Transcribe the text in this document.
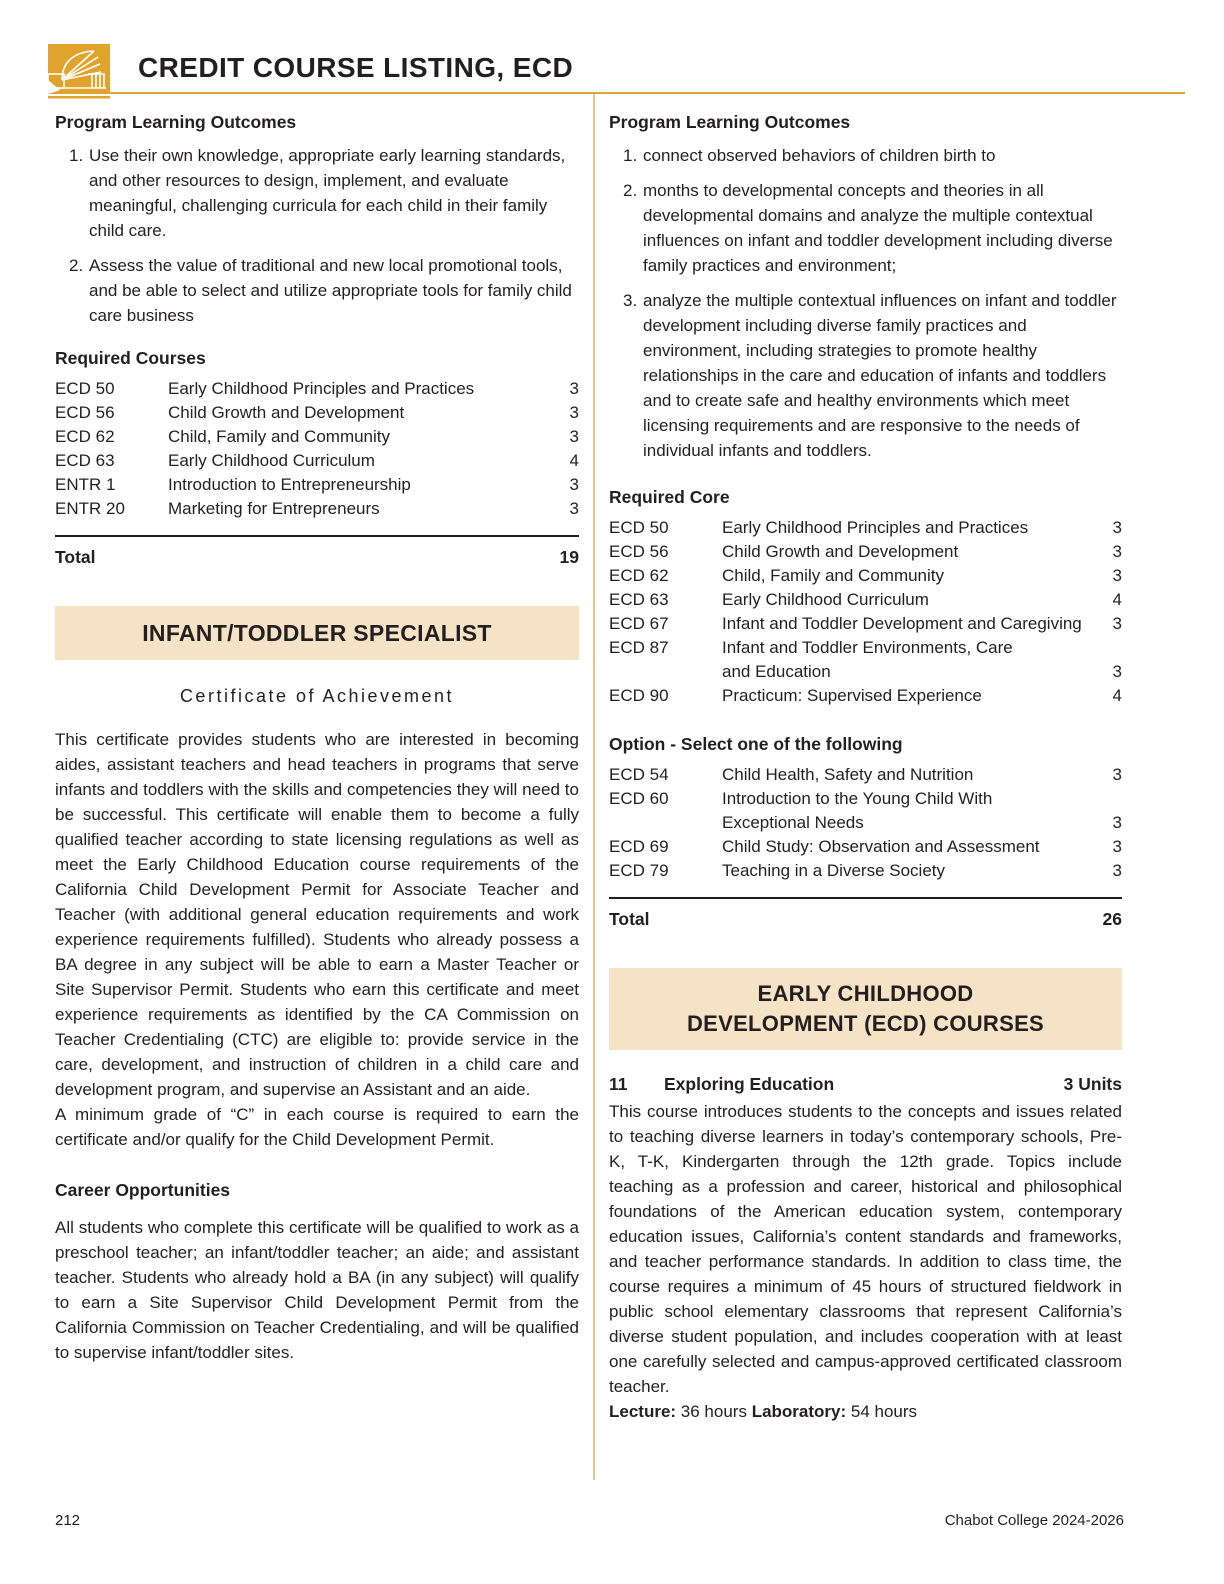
CREDIT COURSE LISTING, ECD
Program Learning Outcomes
1. Use their own knowledge, appropriate early learning standards, and other resources to design, implement, and evaluate meaningful, challenging curricula for each child in their family child care.
2. Assess the value of traditional and new local promotional tools, and be able to select and utilize appropriate tools for family child care business
Required Courses
ECD 50	Early Childhood Principles and Practices	3
ECD 56	Child Growth and Development	3
ECD 62	Child, Family and Community	3
ECD 63	Early Childhood Curriculum	4
ENTR 1	Introduction to Entrepreneurship	3
ENTR 20	Marketing for Entrepreneurs	3
Total	19
INFANT/TODDLER SPECIALIST
Certificate of Achievement
This certificate provides students who are interested in becoming aides, assistant teachers and head teachers in programs that serve infants and toddlers with the skills and competencies they will need to be successful. This certificate will enable them to become a fully qualified teacher according to state licensing regulations as well as meet the Early Childhood Education course requirements of the California Child Development Permit for Associate Teacher and Teacher (with additional general education requirements and work experience requirements fulfilled). Students who already possess a BA degree in any subject will be able to earn a Master Teacher or Site Supervisor Permit. Students who earn this certificate and meet experience requirements as identified by the CA Commission on Teacher Credentialing (CTC) are eligible to: provide service in the care, development, and instruction of children in a child care and development program, and supervise an Assistant and an aide.
A minimum grade of “C” in each course is required to earn the certificate and/or qualify for the Child Development Permit.
Career Opportunities
All students who complete this certificate will be qualified to work as a preschool teacher; an infant/toddler teacher; an aide; and assistant teacher. Students who already hold a BA (in any subject) will qualify to earn a Site Supervisor Child Development Permit from the California Commission on Teacher Credentialing, and will be qualified to supervise infant/toddler sites.
Program Learning Outcomes
1. connect observed behaviors of children birth to
2. months to developmental concepts and theories in all developmental domains and analyze the multiple contextual influences on infant and toddler development including diverse family practices and environment;
3. analyze the multiple contextual influences on infant and toddler development including diverse family practices and environment, including strategies to promote healthy relationships in the care and education of infants and toddlers and to create safe and healthy environments which meet licensing requirements and are responsive to the needs of individual infants and toddlers.
Required Core
ECD 50	Early Childhood Principles and Practices	3
ECD 56	Child Growth and Development	3
ECD 62	Child, Family and Community	3
ECD 63	Early Childhood Curriculum	4
ECD 67	Infant and Toddler Development and Caregiving	3
ECD 87	Infant and Toddler Environments, Care
and Education	3
ECD 90	Practicum: Supervised Experience	4
Option - Select one of the following
ECD 54	Child Health, Safety and Nutrition	3
ECD 60	Introduction to the Young Child With
Exceptional Needs	3
ECD 69	Child Study: Observation and Assessment	3
ECD 79	Teaching in a Diverse Society	3
Total	26
EARLY CHILDHOOD
DEVELOPMENT (ECD) COURSES
11	Exploring Education	3 Units
This course introduces students to the concepts and issues related to teaching diverse learners in today’s contemporary schools, Pre-K, T-K, Kindergarten through the 12th grade. Topics include teaching as a profession and career, historical and philosophical foundations of the American education system, contemporary education issues, California’s content standards and frameworks, and teacher performance standards. In addition to class time, the course requires a minimum of 45 hours of structured fieldwork in public school elementary classrooms that represent California’s diverse student population, and includes cooperation with at least one carefully selected and campus-approved certificated classroom teacher.
Lecture: 36 hours Laboratory: 54 hours
212	Chabot College 2024-2026
